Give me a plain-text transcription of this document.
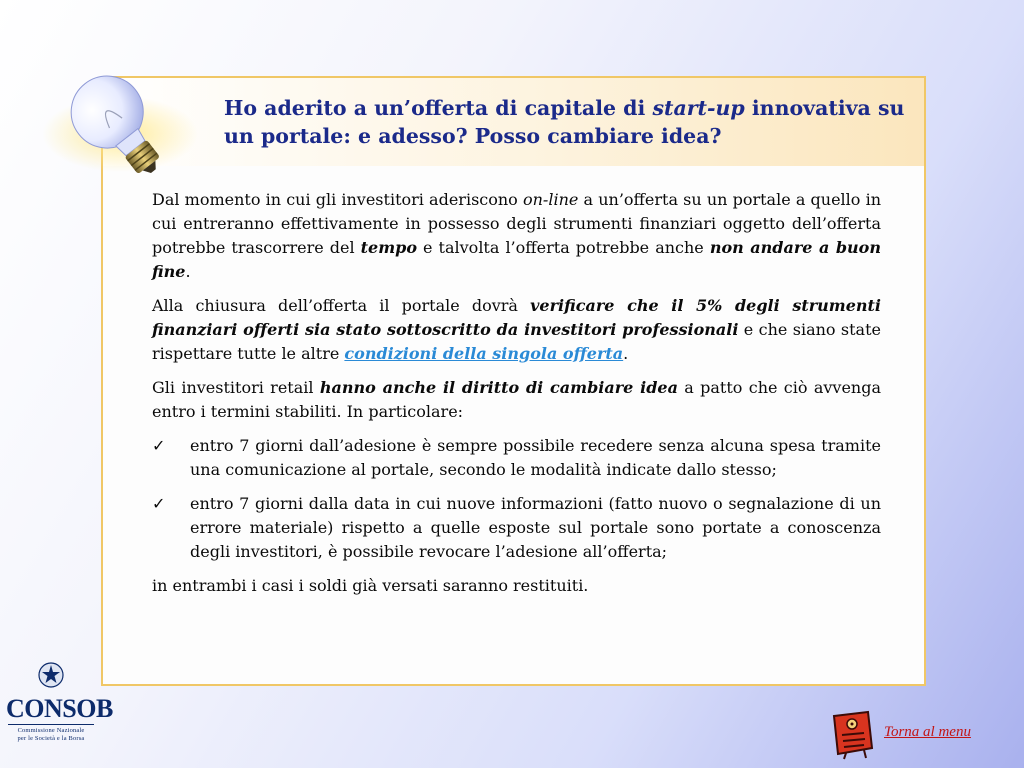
Ho aderito a un’offerta di capitale di start-up innovativa su un portale: e adesso? Posso cambiare idea?

Dal momento in cui gli investitori aderiscono on-line a un’offerta su un portale a quello in cui entreranno effettivamente in possesso degli strumenti finanziari oggetto dell’offerta potrebbe trascorrere del tempo e talvolta l’offerta potrebbe anche non andare a buon fine.

Alla chiusura dell’offerta il portale dovrà verificare che il 5% degli strumenti finanziari offerti sia stato sottoscritto da investitori professionali e che siano state rispettare tutte le altre condizioni della singola offerta.

Gli investitori retail hanno anche il diritto di cambiare idea a patto che ciò avvenga entro i termini stabiliti. In particolare:

✓ entro 7 giorni dall’adesione è sempre possibile recedere senza alcuna spesa tramite una comunicazione al portale, secondo le modalità indicate dallo stesso;
✓ entro 7 giorni dalla data in cui nuove informazioni (fatto nuovo o segnalazione di un errore materiale) rispetto a quelle esposte sul portale sono portate a conoscenza degli investitori, è possibile revocare l’adesione all’offerta;

in entrambi i casi i soldi già versati saranno restituiti.

CONSOB
Commissione Nazionale
per le Società e la Borsa	Torna al menu
